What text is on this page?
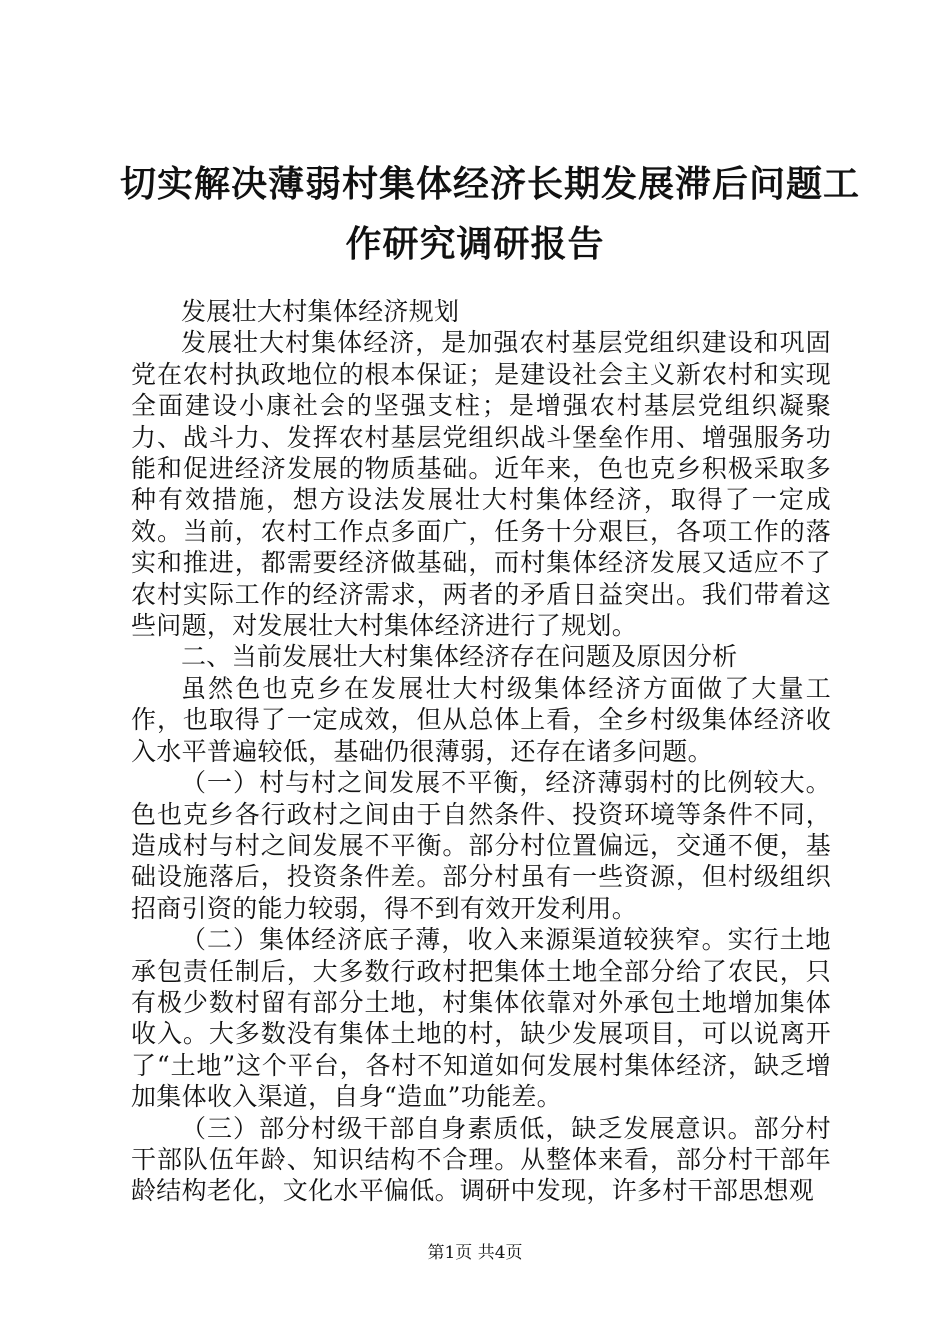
切实解决薄弱村集体经济长期发展滞后问题工
作研究调研报告

发展壮大村集体经济规划

发展壮大村集体经济，是加强农村基层党组织建设和巩固党在农村执政地位的根本保证；是建设社会主义新农村和实现全面建设小康社会的坚强支柱；是增强农村基层党组织凝聚力、战斗力、发挥农村基层党组织战斗堡垒作用、增强服务功能和促进经济发展的物质基础。近年来，色也克乡积极采取多种有效措施，想方设法发展壮大村集体经济，取得了一定成效。当前，农村工作点多面广，任务十分艰巨，各项工作的落实和推进，都需要经济做基础，而村集体经济发展又适应不了农村实际工作的经济需求，两者的矛盾日益突出。我们带着这些问题，对发展壮大村集体经济进行了规划。

二、当前发展壮大村集体经济存在问题及原因分析

虽然色也克乡在发展壮大村级集体经济方面做了大量工作，也取得了一定成效，但从总体上看，全乡村级集体经济收入水平普遍较低，基础仍很薄弱，还存在诸多问题。

（一）村与村之间发展不平衡，经济薄弱村的比例较大。色也克乡各行政村之间由于自然条件、投资环境等条件不同，造成村与村之间发展不平衡。部分村位置偏远，交通不便，基础设施落后，投资条件差。部分村虽有一些资源，但村级组织招商引资的能力较弱，得不到有效开发利用。

（二）集体经济底子薄，收入来源渠道较狭窄。实行土地承包责任制后，大多数行政村把集体土地全部分给了农民，只有极少数村留有部分土地，村集体依靠对外承包土地增加集体收入。大多数没有集体土地的村，缺少发展项目，可以说离开了“土地”这个平台，各村不知道如何发展村集体经济，缺乏增加集体收入渠道，自身“造血”功能差。

（三）部分村级干部自身素质低，缺乏发展意识。部分村干部队伍年龄、知识结构不合理。从整体来看，部分村干部年龄结构老化，文化水平偏低。调研中发现，许多村干部思想观

第1页 共4页
